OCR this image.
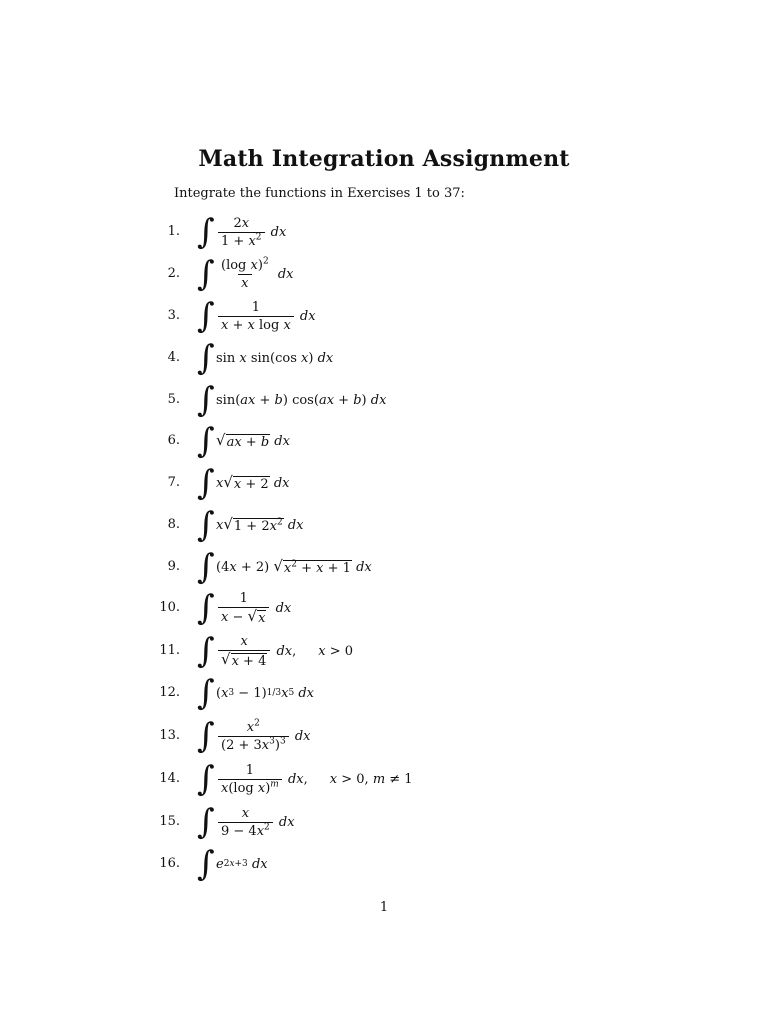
Math Integration Assignment
Integrate the functions in Exercises 1 to 37:
1. ∫ $\frac{2x}{1 + x^2}$
dx
2. ∫ $\frac{(\log x)^2}{x}$
dx
3. ∫ $\frac{1}{\text{x + x log x}}$
dx
4. ∫ sin x sin(cos x ) dx
5. ∫ sin( ax + b ) cos( ax + b ) dx
6. ∫ √ ax + b
dx
7. ∫ x √ x + 2
dx
8. ∫ x √ $1 + 2x^2$
dx
9. ∫ (4 x + 2) √ $x^2 + x + 1$
dx
10. ∫ $\frac{1}{x - √ x}$
dx
11. ∫ $\frac{x}{√ x + 4}$
dx , x > 0
12. ∫ ( x 3 − 1) 1/3 x 5
dx
13. ∫ $\frac{x^2}{(2 + 3x^3)^3}$
dx
14. ∫ $\frac{1}{x(\log x)^m}$
dx , x > 0, m ≠ 1
15. ∫ $\frac{x}{9 - 4x^2}$
dx
16. ∫ e 2x+3
dx
1
